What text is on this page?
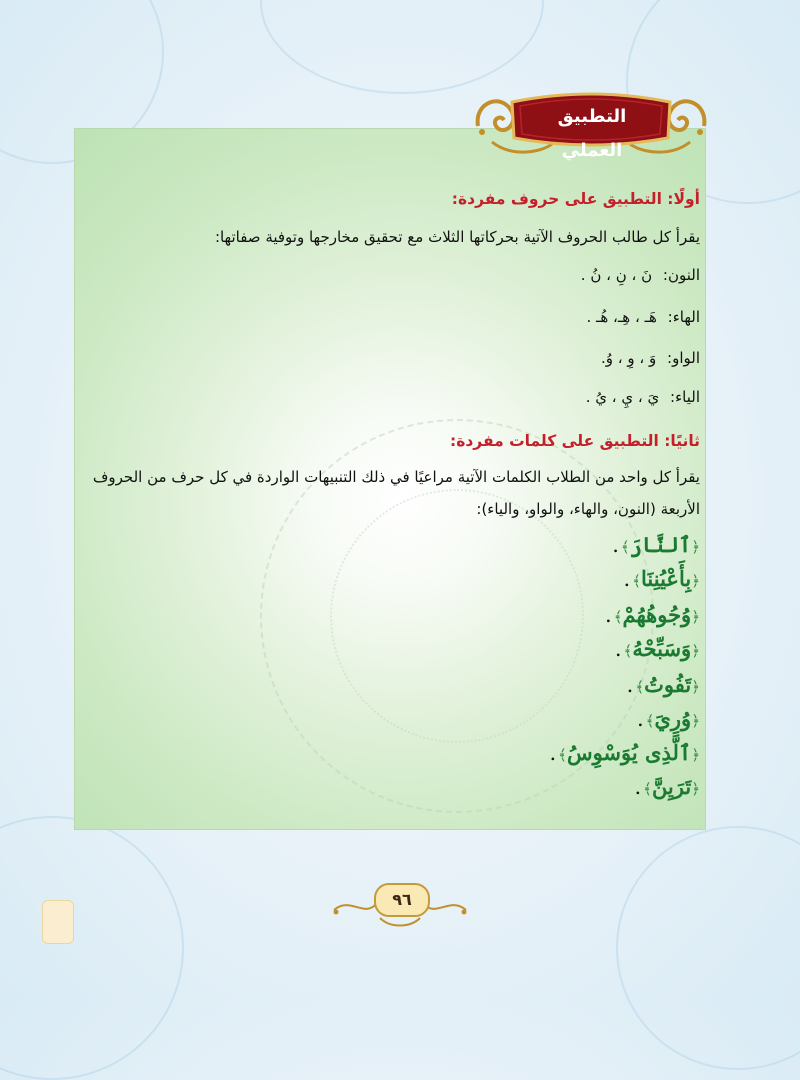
التطبيق العملي
أولًا: التطبيق على حروف مفردة:
يقرأ كل طالب الحروف الآتية بحركاتها الثلاث مع تحقيق مخارجها وتوفية صفاتها:
النون: نَ ، نِ ، نُ .
الهاء: هَـ ، هِـ، هُـ .
الواو: وَ ، وِ ، وُ.
الياء: يَ ، يِ ، يُ .
ثانيًا: التطبيق على كلمات مفردة:
يقرأ كل واحد من الطلاب الكلمات الآتية مراعيًا في ذلك التنبيهات الواردة في كل حرف من الحروف
الأربعة (النون، والهاء، والواو، والياء):
﴿ٱلنَّارَ﴾.
﴿بِأَعْيُنِنَا﴾.
﴿وُجُوهُهُمْ﴾.
﴿وَسَبِّحْهُ﴾.
﴿تَفُوتُ﴾.
﴿وُرِيَ﴾.
﴿ٱلَّذِى يُوَسْوِسُ﴾.
﴿تَرَيِنَّ﴾.
٩٦
